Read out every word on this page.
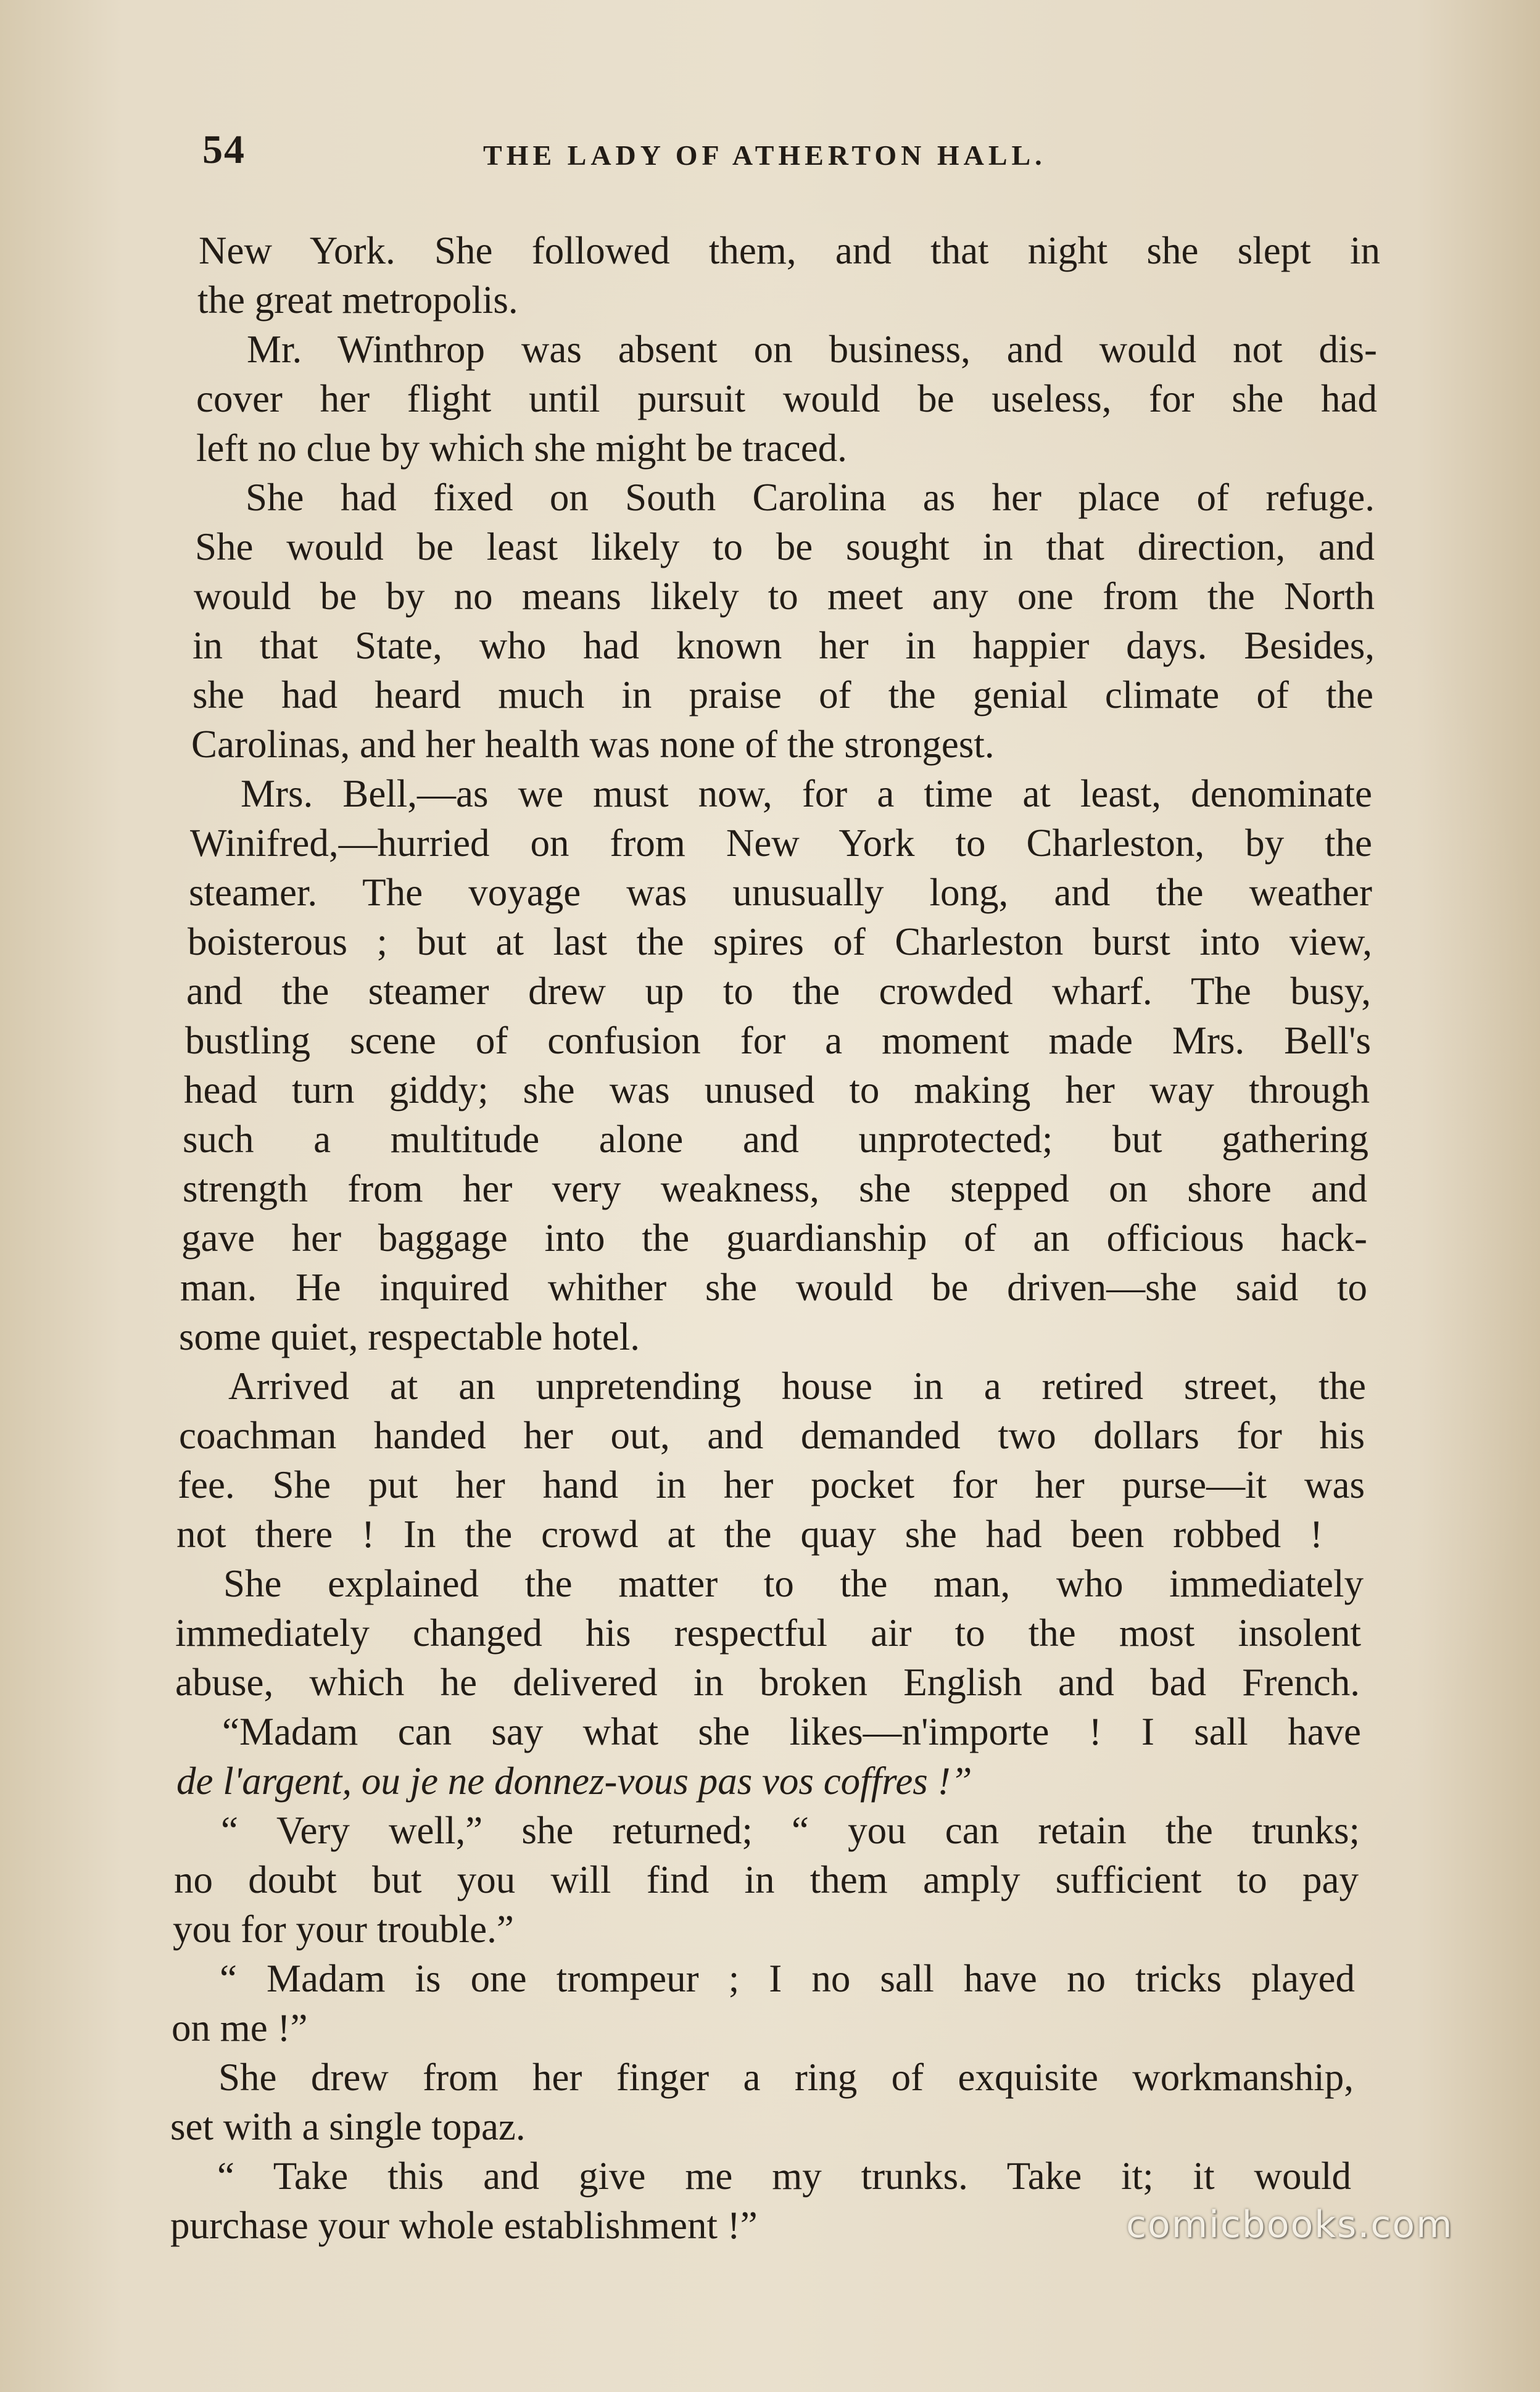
54	THE LADY OF ATHERTON HALL.
New York. She followed them, and that night she slept in
the great metropolis.
Mr. Winthrop was absent on business, and would not dis-
cover her flight until pursuit would be useless, for she had
left no clue by which she might be traced.
She had fixed on South Carolina as her place of refuge.
She would be least likely to be sought in that direction, and
would be by no means likely to meet any one from the North
in that State, who had known her in happier days. Besides,
she had heard much in praise of the genial climate of the
Carolinas, and her health was none of the strongest.
Mrs. Bell,—as we must now, for a time at least, denominate
Winifred,—hurried on from New York to Charleston, by the
steamer. The voyage was unusually long, and the weather
boisterous ; but at last the spires of Charleston burst into view,
and the steamer drew up to the crowded wharf. The busy,
bustling scene of confusion for a moment made Mrs. Bell's
head turn giddy; she was unused to making her way through
such a multitude alone and unprotected; but gathering
strength from her very weakness, she stepped on shore and
gave her baggage into the guardianship of an officious hack-
man. He inquired whither she would be driven—she said to
some quiet, respectable hotel.
Arrived at an unpretending house in a retired street, the
coachman handed her out, and demanded two dollars for his
fee. She put her hand in her pocket for her purse—it was
not there ! In the crowd at the quay she had been robbed !
She explained the matter to the man, who immediately
immediately changed his respectful air to the most insolent
abuse, which he delivered in broken English and bad French.
“Madam can say what she likes—n'importe ! I sall have
de l'argent, ou je ne donnez-vous pas vos coffres !”
“ Very well,” she returned; “ you can retain the trunks;
no doubt but you will find in them amply sufficient to pay
you for your trouble.”
“ Madam is one trompeur ; I no sall have no tricks played
on me !”
She drew from her finger a ring of exquisite workmanship,
set with a single topaz.
“ Take this and give me my trunks. Take it; it would
purchase your whole establishment !”	comicbooks.com
